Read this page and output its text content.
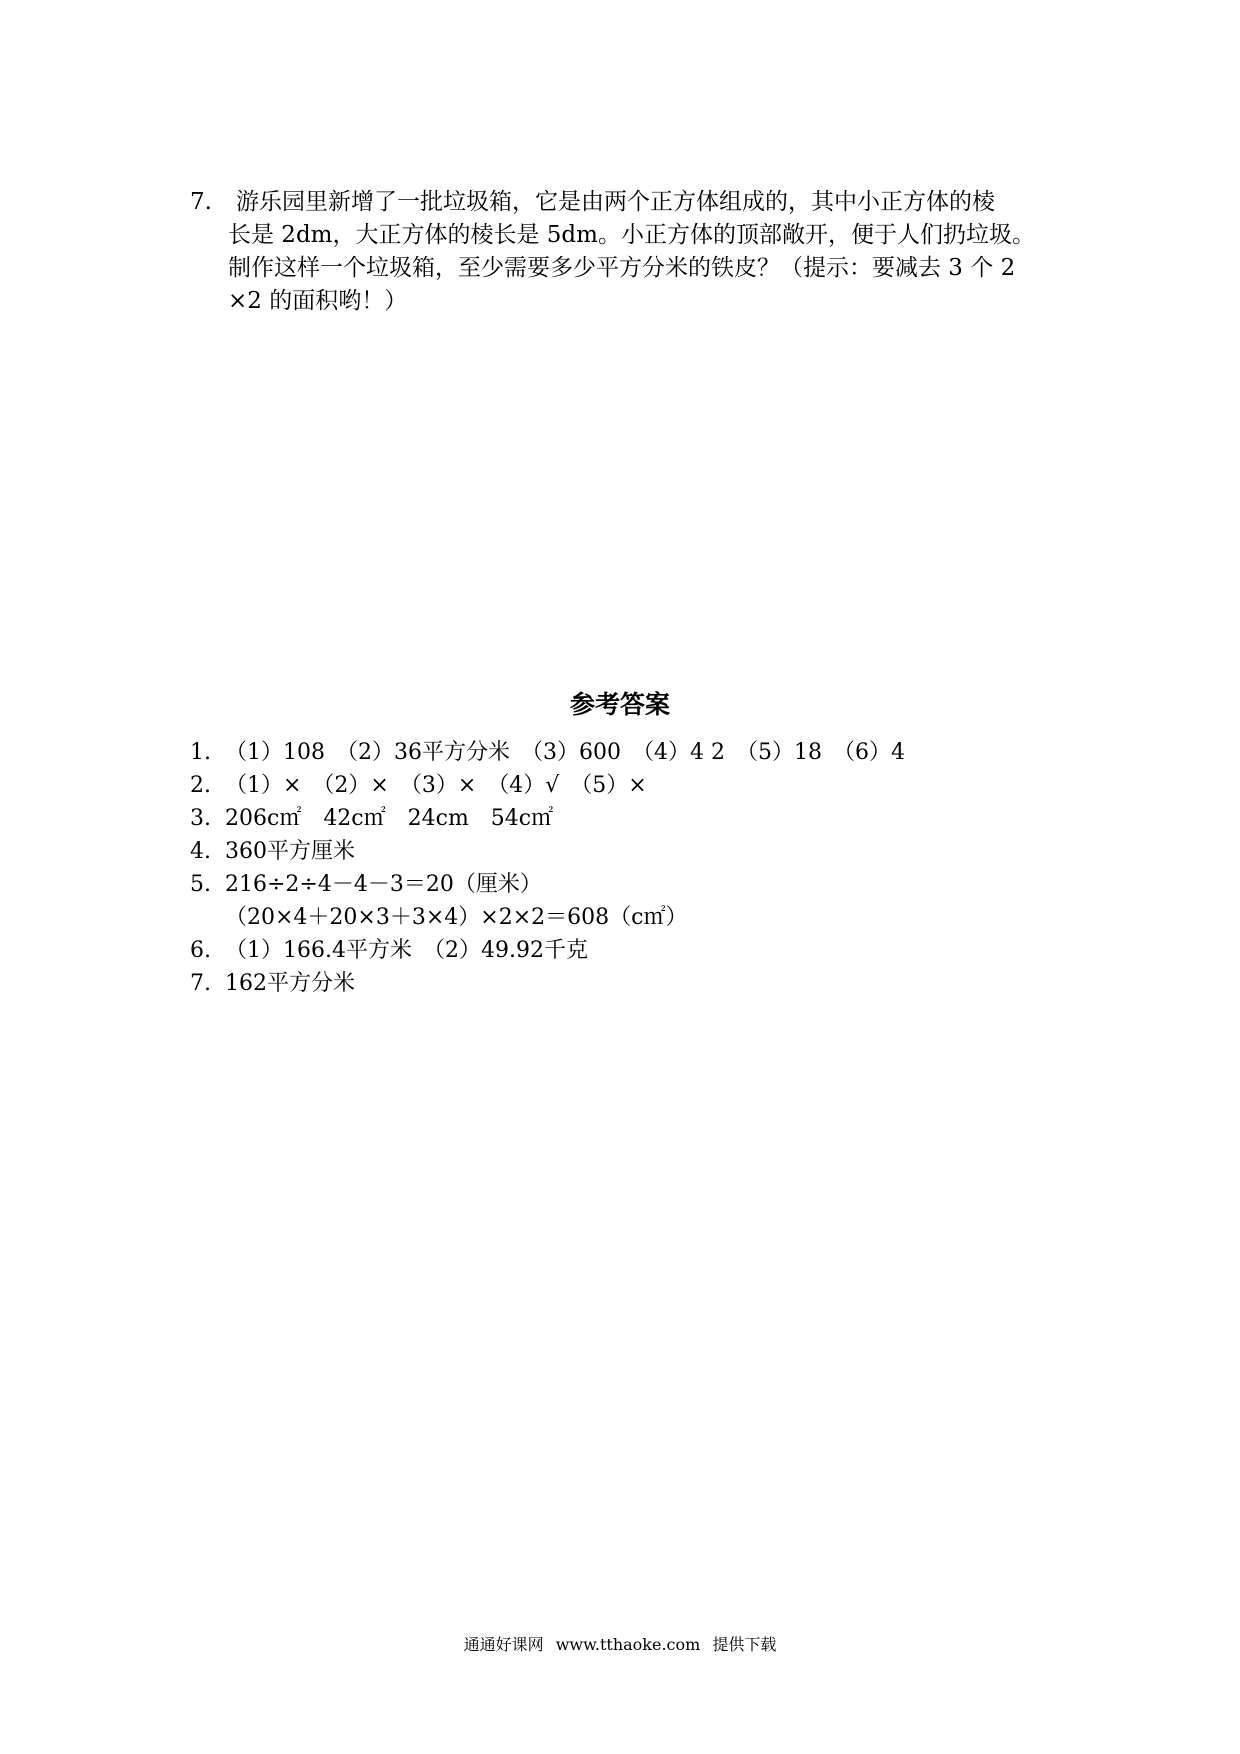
7.	游乐园里新增了一批垃圾箱，它是由两个正方体组成的，其中小正方体的棱
长是 2dm，大正方体的棱长是 5dm。小正方体的顶部敞开，便于人们扔垃圾。
制作这样一个垃圾箱，至少需要多少平方分米的铁皮？（提示：要减去 3 个 2
×2 的面积哟！）
参考答案
1. （1）108　（2）36平方分米　（3）600　（4）4 2　（5）18　（6）4
2. （1）×　（2）×　（3）×　（4）√　（5）×
3. 206c㎡　42c㎡　24cm　54c㎡
4. 360平方厘米
5. 216÷2÷4－4－3＝20（厘米）
（20×4＋20×3＋3×4）×2×2＝608（c㎡）
6. （1）166.4平方米　（2）49.92千克
7. 162平方分米
通通好课网 www.tthaoke.com 提供下载
